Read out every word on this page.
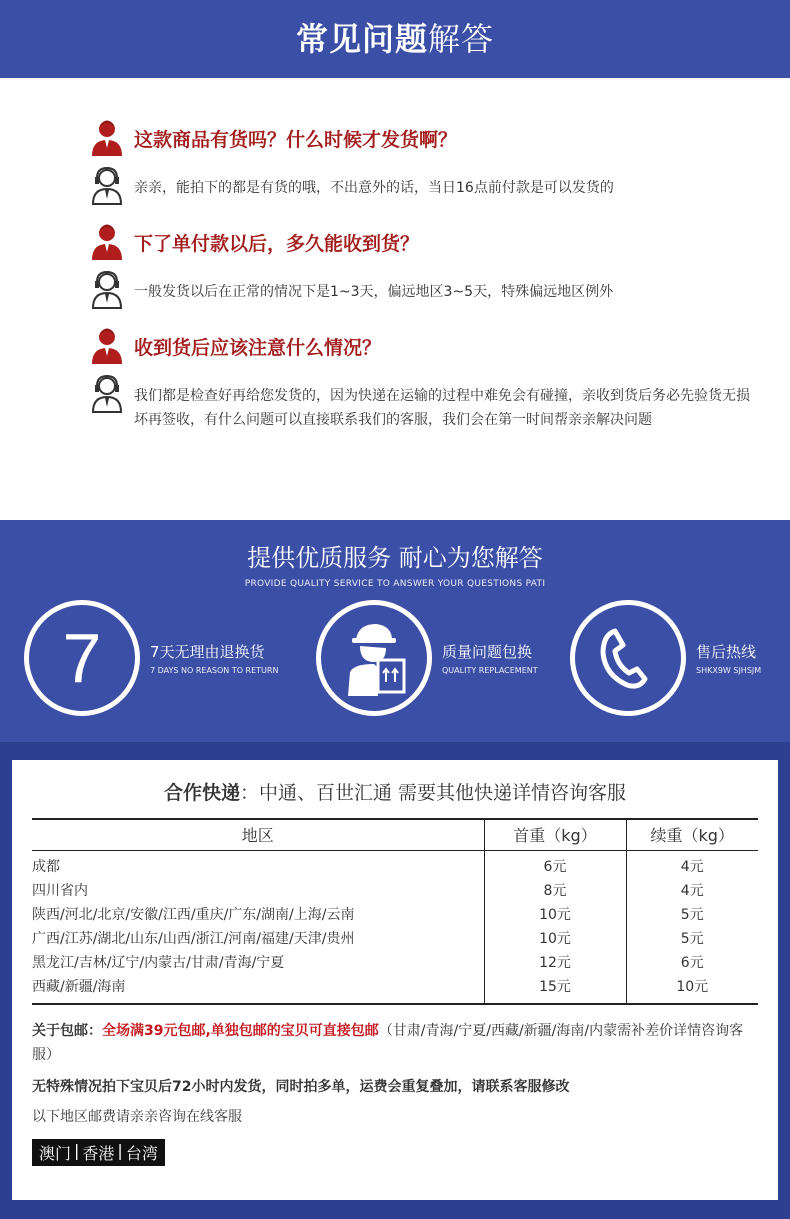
常见问题解答
这款商品有货吗？什么时候才发货啊？
亲亲，能拍下的都是有货的哦，不出意外的话，当日16点前付款是可以发货的
下了单付款以后，多久能收到货？
一般发货以后在正常的情况下是1~3天，偏远地区3~5天，特殊偏远地区例外
收到货后应该注意什么情况？
我们都是检查好再给您发货的，因为快递在运输的过程中难免会有碰撞，亲收到货后务必先验货无损坏再签收，有什么问题可以直接联系我们的客服，我们会在第一时间帮亲亲解决问题
提供优质服务 耐心为您解答
PROVIDE QUALITY SERVICE TO ANSWER YOUR QUESTIONS PATI
7	7天无理由退换货
7 DAYS NO REASON TO RETURN
质量问题包换
QUALITY REPLACEMENT
售后热线
SHKX9W SJHSJM
合作快递：中通、百世汇通 需要其他快递详情咨询客服
地区	首重（kg）	续重（kg）
成都	6元	4元
四川省内	8元	4元
陕西/河北/北京/安徽/江西/重庆/广东/湖南/上海/云南	10元	5元
广西/江苏/湖北/山东/山西/浙江/河南/福建/天津/贵州	10元	5元
黑龙江/吉林/辽宁/内蒙古/甘肃/青海/宁夏	12元	6元
西藏/新疆/海南	15元	10元
关于包邮：全场满39元包邮,单独包邮的宝贝可直接包邮（甘肃/青海/宁夏/西藏/新疆/海南/内蒙需补差价详情咨询客服）
无特殊情况拍下宝贝后72小时内发货，同时拍多单，运费会重复叠加，请联系客服修改
以下地区邮费请亲亲咨询在线客服
澳门 | 香港 | 台湾
